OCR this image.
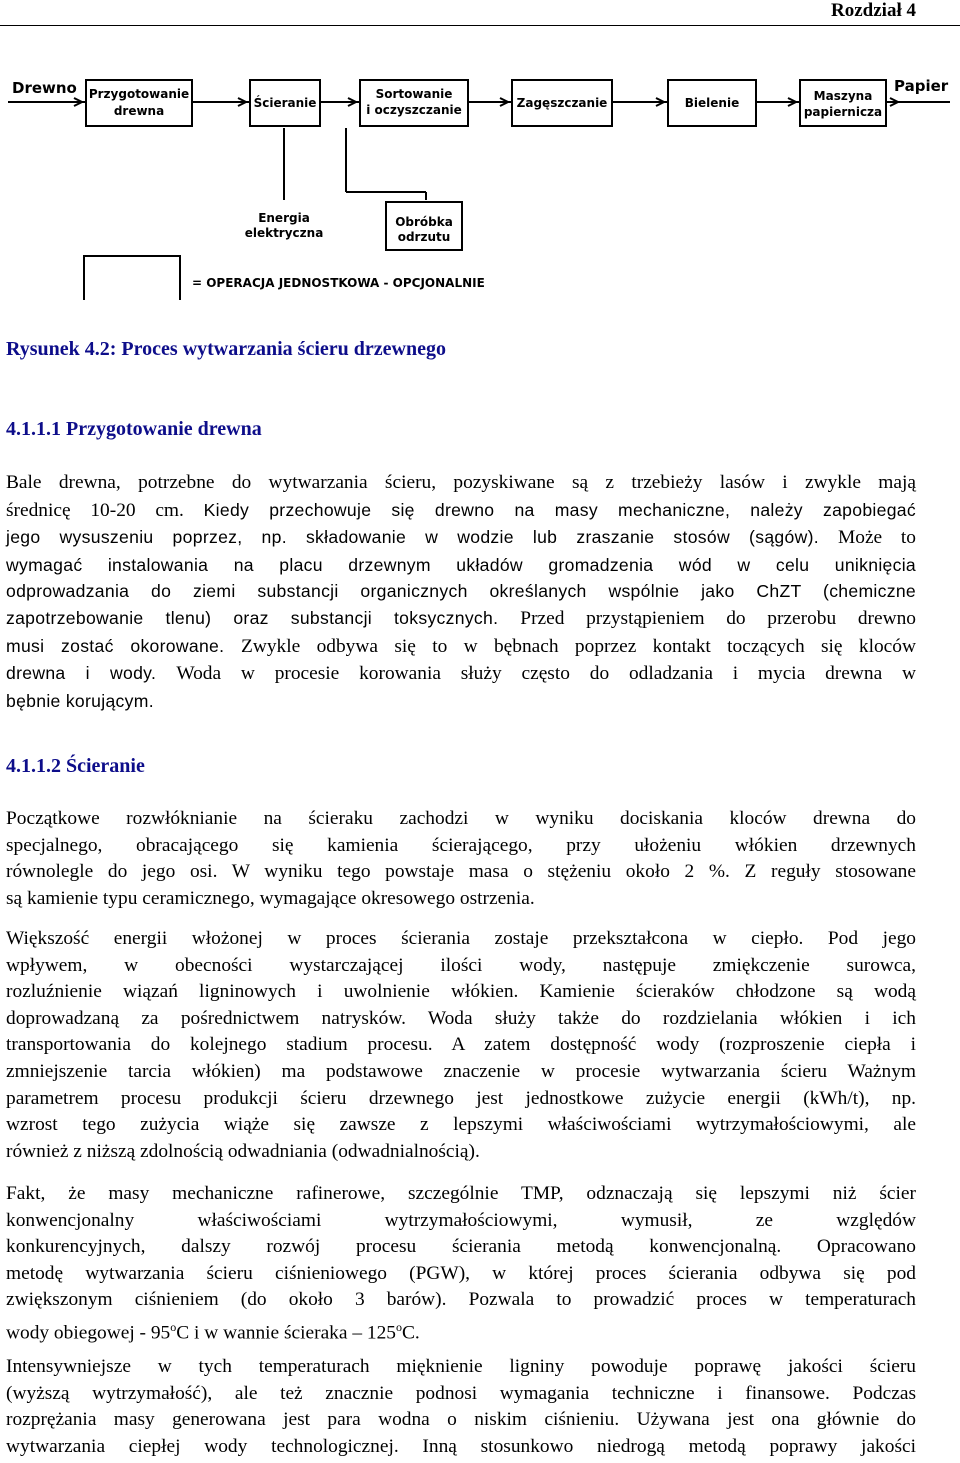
Rozdział 4
Drewno	Papier
Przygotowanie
drewna
Ścieranie
Sortowanie
i oczyszczanie	Zagęszczanie	Bielenie	Maszyna
papiernicza
Energia
elektryczna
Obróbka
odrzutu
= OPERACJA JEDNOSTKOWA - OPCJONALNIE
Rysunek 4.2: Proces wytwarzania ścieru drzewnego
4.1.1.1 Przygotowanie drewna
Bale drewna, potrzebne do wytwarzania ścieru, pozyskiwane są z trzebieży lasów i zwykle mają
średnicę 10-20 cm. Kiedy przechowuje się drewno na masy mechaniczne, należy zapobiegać
jego wysuszeniu poprzez, np. składowanie w wodzie lub zraszanie stosów (sągów). Może to
wymagać instalowania na placu drzewnym układów gromadzenia wód w celu uniknięcia
odprowadzania do ziemi substancji organicznych określanych wspólnie jako ChZT (chemiczne
zapotrzebowanie tlenu) oraz substancji toksycznych. Przed przystąpieniem do przerobu drewno
musi zostać okorowane. Zwykle odbywa się to w bębnach poprzez kontakt toczących się kloców
drewna i wody. Woda w procesie korowania służy często do odladzania i mycia drewna w
bębnie korującym.
4.1.1.2 Ścieranie
Początkowe rozwłóknianie na ścieraku zachodzi w wyniku dociskania kloców drewna do
specjalnego, obracającego się kamienia ścierającego, przy ułożeniu włókien drzewnych
równolegle do jego osi. W wyniku tego powstaje masa o stężeniu około 2 %. Z reguły stosowane
są kamienie typu ceramicznego, wymagające okresowego ostrzenia.
Większość energii włożonej w proces ścierania zostaje przekształcona w ciepło. Pod jego
wpływem, w obecności wystarczającej ilości wody, następuje zmiękczenie surowca,
rozluźnienie wiązań ligninowych i uwolnienie włókien. Kamienie ścieraków chłodzone są wodą
doprowadzaną za pośrednictwem natrysków. Woda służy także do rozdzielania włókien i ich
transportowania do kolejnego stadium procesu. A zatem dostępność wody (rozproszenie ciepła i
zmniejszenie tarcia włókien) ma podstawowe znaczenie w procesie wytwarzania ścieru Ważnym
parametrem procesu produkcji ścieru drzewnego jest jednostkowe zużycie energii (kWh/t), np.
wzrost tego zużycia wiąże się zawsze z lepszymi właściwościami wytrzymałościowymi, ale
również z niższą zdolnością odwadniania (odwadnialnością).
Fakt, że masy mechaniczne rafinerowe, szczególnie TMP, odznaczają się lepszymi niż ścier
konwencjonalny właściwościami wytrzymałościowymi, wymusił, ze względów
konkurencyjnych, dalszy rozwój procesu ścierania metodą konwencjonalną. Opracowano
metodę wytwarzania ścieru ciśnieniowego (PGW), w której proces ścierania odbywa się pod
zwiększonym ciśnieniem (do około 3 barów). Pozwala to prowadzić proces w temperaturach
wody obiegowej - 95$^o$C i w wannie ścieraka – 125$^o$C.
Intensywniejsze w tych temperaturach mięknienie ligniny powoduje poprawę jakości ścieru
(wyższą wytrzymałość), ale też znacznie podnosi wymagania techniczne i finansowe. Podczas
rozprężania masy generowana jest para wodna o niskim ciśnieniu. Używana jest ona głównie do
wytwarzania ciepłej wody technologicznej. Inną stosunkowo niedrogą metodą poprawy jakości
